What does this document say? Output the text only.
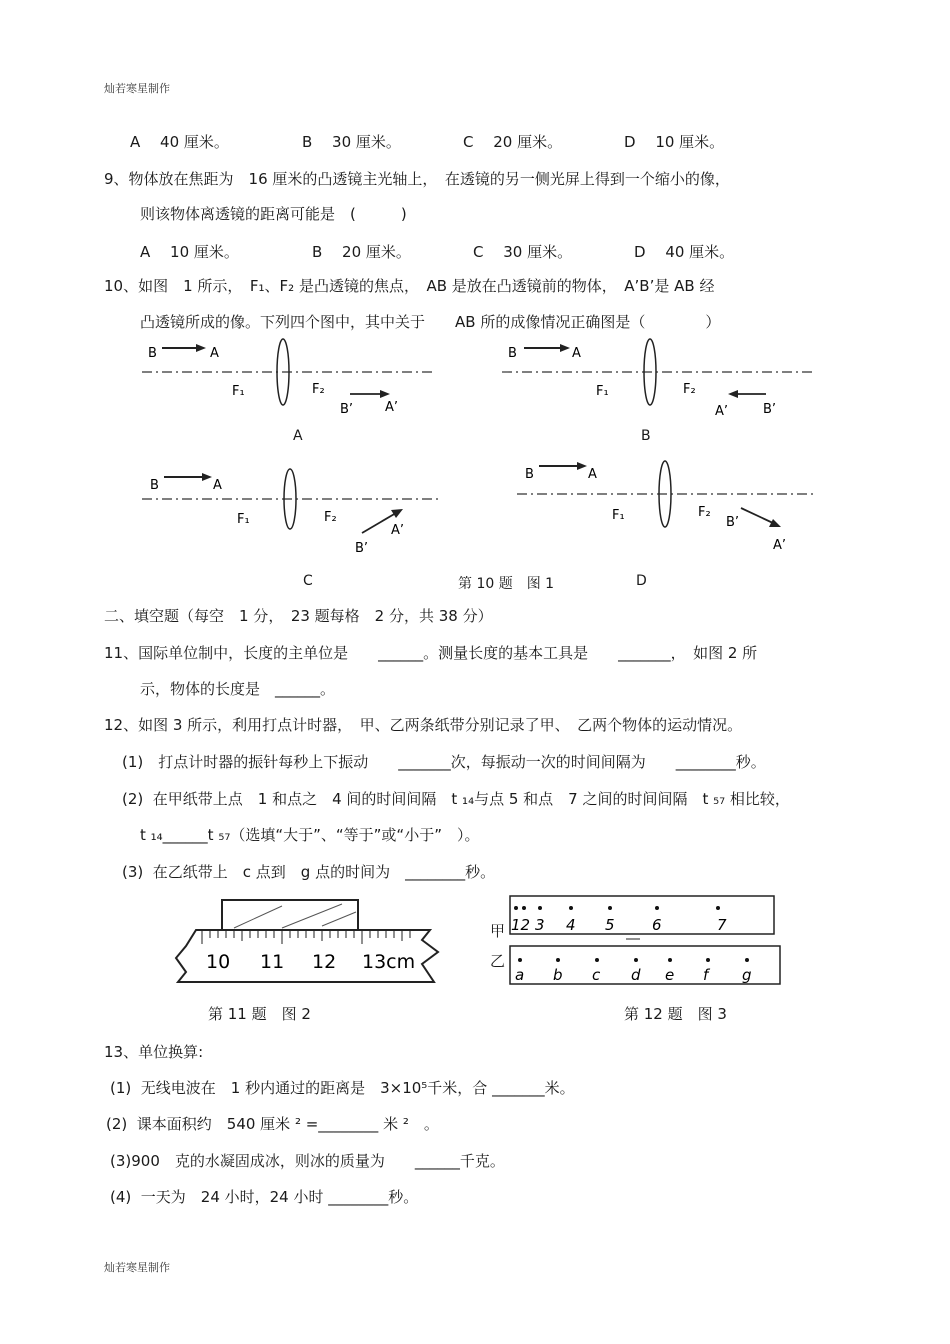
灿若寒星制作
A　 40 厘米。	B　 30 厘米。	C　 20 厘米。	D　 10 厘米。
9、物体放在焦距为　16 厘米的凸透镜主光轴上，　在透镜的另一侧光屏上得到一个缩小的像，
则该物体离透镜的距离可能是　(　　　)
A　 10 厘米。	B　 20 厘米。	C　 30 厘米。	D　 40 厘米。
10、如图　1 所示，　F₁、F₂ 是凸透镜的焦点，　AB 是放在凸透镜前的物体，　A’B’是 AB 经
凸透镜所成的像。下列四个图中，其中关于　　AB 所的成像情况正确图是（　　　　）
B	A
F₁	F₂
B’ A’
A
B	A
F₁	F₂
A’	B’
B
B	A
F₁	F₂
A’
B’
C	第 10 题　图 1
B	A
F₁	F₂
B’
A’
D
二、填空题（每空　1 分，　23 题每格　2 分，共 38 分）
11、国际单位制中，长度的主单位是　　______。测量长度的基本工具是　　_______，　如图 2 所
示，物体的长度是　______。
12、如图 3 所示，利用打点计时器，　甲、乙两条纸带分别记录了甲、　乙两个物体的运动情况。
(1)　打点计时器的振针每秒上下振动　　_______次，每振动一次的时间间隔为　　________秒。
(2)  在甲纸带上点　1 和点之　4 间的时间间隔　t ₁₄与点 5 和点　7 之间的时间间隔　t ₅₇ 相比较，
t ₁₄______t ₅₇（选填“大于”、“等于”或“小于”　）。
(3)  在乙纸带上　c 点到　g 点的时间为　________秒。
10 11 12 13cm
甲
乙
12 3 4 5 6	7
a b c d e f g
第 11 题　图 2	第 12 题　图 3
13、单位换算:
(1)  无线电波在　1 秒内通过的距离是　3×10⁵千米，合 _______米。
(2)  课本面积约　540 厘米 ² =________ 米 ²　。
(3)900　克的水凝固成冰，则冰的质量为　　______千克。
(4)  一天为　24 小时，24 小时 ________秒。
灿若寒星制作
